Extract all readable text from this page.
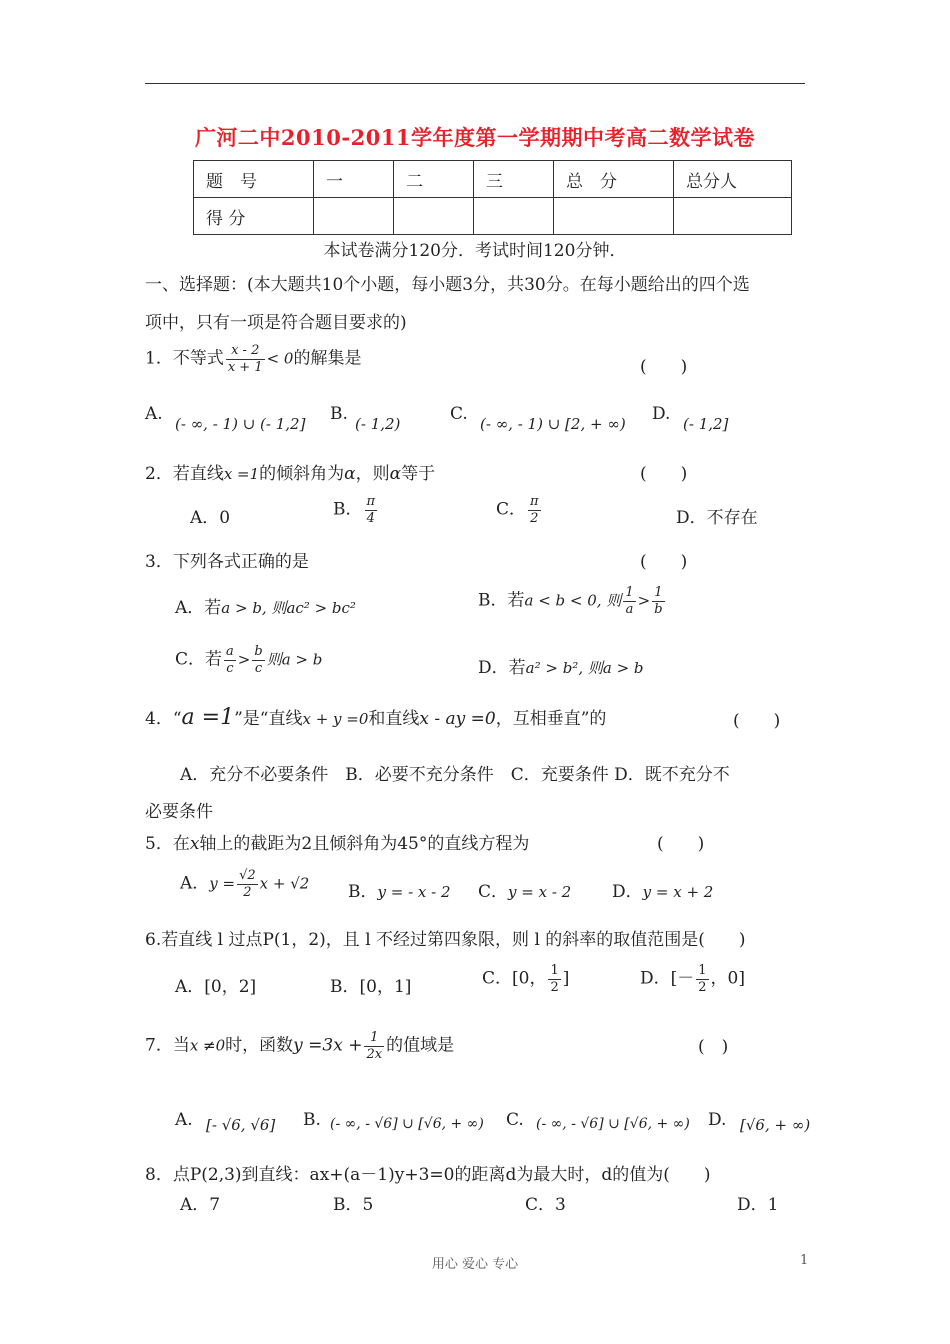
广河二中2010-2011学年度第一学期期中考高二数学试卷
题　号	一	二	三	总　分	总分人
得 分					
本试卷满分120分．考试时间120分钟．
一、选择题：(本大题共10个小题，每小题3分，共30分。在每小题给出的四个选
项中，只有一项是符合题目要求的)
1．不等式 $\frac{x - 2}{x + 1} < 0$的解集是	(　　)
A. (- ∞, - 1) ∪ (- 1,2] B. (- 1,2)	C. (- ∞, - 1) ∪ [2, + ∞) D. (- 1,2]
2．若直线x =1的倾斜角为α，则α等于	(　　)
A．0	B． $\frac{\pi}{4}$	C． $\frac{\pi}{2}$	D．不存在
3．下列各式正确的是	(　　)
A．若a > b, 则ac² > bc²	B．若a < b < 0, 则 $\frac{1}{a} > \frac{1}{b}$
C．若 $\frac{a}{c} > \frac{b}{c}$ 则a > b	D．若a² > b², 则a > b
4．“a =1”是“直线x + y =0和直线x - ay =0，互相垂直”的	(　　)
A．充分不必要条件　B．必要不充分条件　C．充要条件 D．既不充分不
必要条件
5．在x轴上的截距为2且倾斜角为45°的直线方程为	(　　)
A．$y = \frac{√2}{2}$ x + √2 B．y = - x - 2 C．y = x - 2 D．y = x + 2
6.若直线 l 过点P(1，2)，且 l 不经过第四象限，则 l 的斜率的取值范围是(　　)
A．[0，2]	B．[0，1]	C．[0， $\frac{1}{2}$ ]	D．[－ $\frac{1}{2}$ ，0]
7．当x ≠0时，函数$y =3x + \frac{1}{2x}$ 的值域是	(　)
A. [- √6, √6] B. (- ∞, - √6] ∪ [√6, + ∞) C. (- ∞, - √6] ∪ [√6, + ∞) D. [√6, + ∞)
8．点P(2,3)到直线：ax+(a－1)y+3=0的距离d为最大时，d的值为(　　)
A．7	B．5	C．3	D．1
用心 爱心 专心	1
